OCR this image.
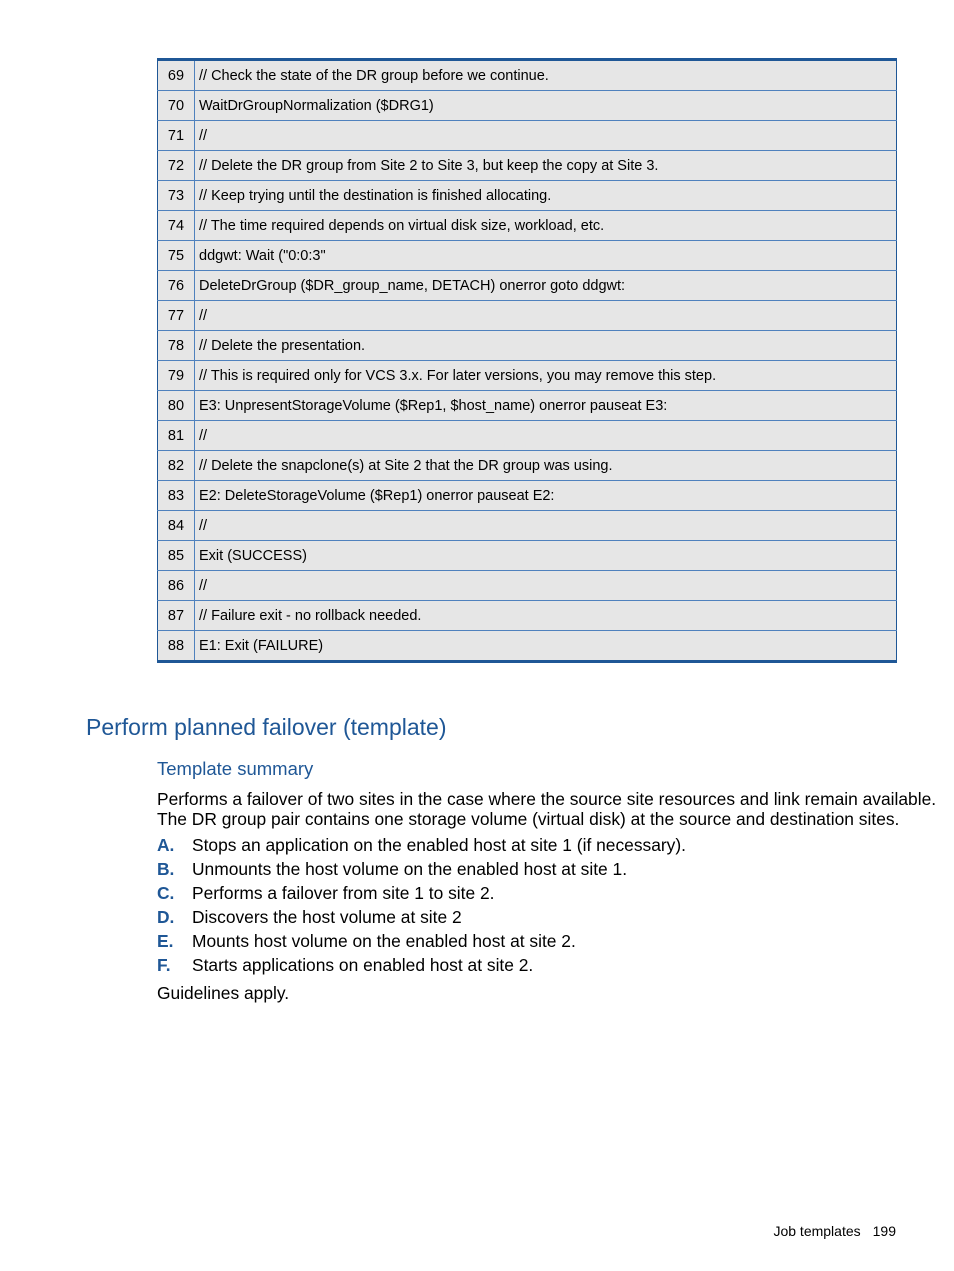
69	// Check the state of the DR group before we continue.
70	WaitDrGroupNormalization ($DRG1)
71	//
72	// Delete the DR group from Site 2 to Site 3, but keep the copy at Site 3.
73	// Keep trying until the destination is finished allocating.
74	// The time required depends on virtual disk size, workload, etc.
75	ddgwt: Wait ("0:0:3"
76	DeleteDrGroup ($DR_group_name, DETACH) onerror goto ddgwt:
77	//
78	// Delete the presentation.
79	// This is required only for VCS 3.x. For later versions, you may remove this step.
80	E3: UnpresentStorageVolume ($Rep1, $host_name) onerror pauseat E3:
81	//
82	// Delete the snapclone(s) at Site 2 that the DR group was using.
83	E2: DeleteStorageVolume ($Rep1) onerror pauseat E2:
84	//
85	Exit (SUCCESS)
86	//
87	// Failure exit - no rollback needed.
88	E1: Exit (FAILURE)
Perform planned failover (template)
Template summary

Performs a failover of two sites in the case where the source site resources and link remain available.
The DR group pair contains one storage volume (virtual disk) at the source and destination sites.

A. Stops an application on the enabled host at site 1 (if necessary).
B. Unmounts the host volume on the enabled host at site 1.
C. Performs a failover from site 1 to site 2.
D. Discovers the host volume at site 2
E. Mounts host volume on the enabled host at site 2.
F. Starts applications on enabled host at site 2.

Guidelines apply.

Job templates 199
